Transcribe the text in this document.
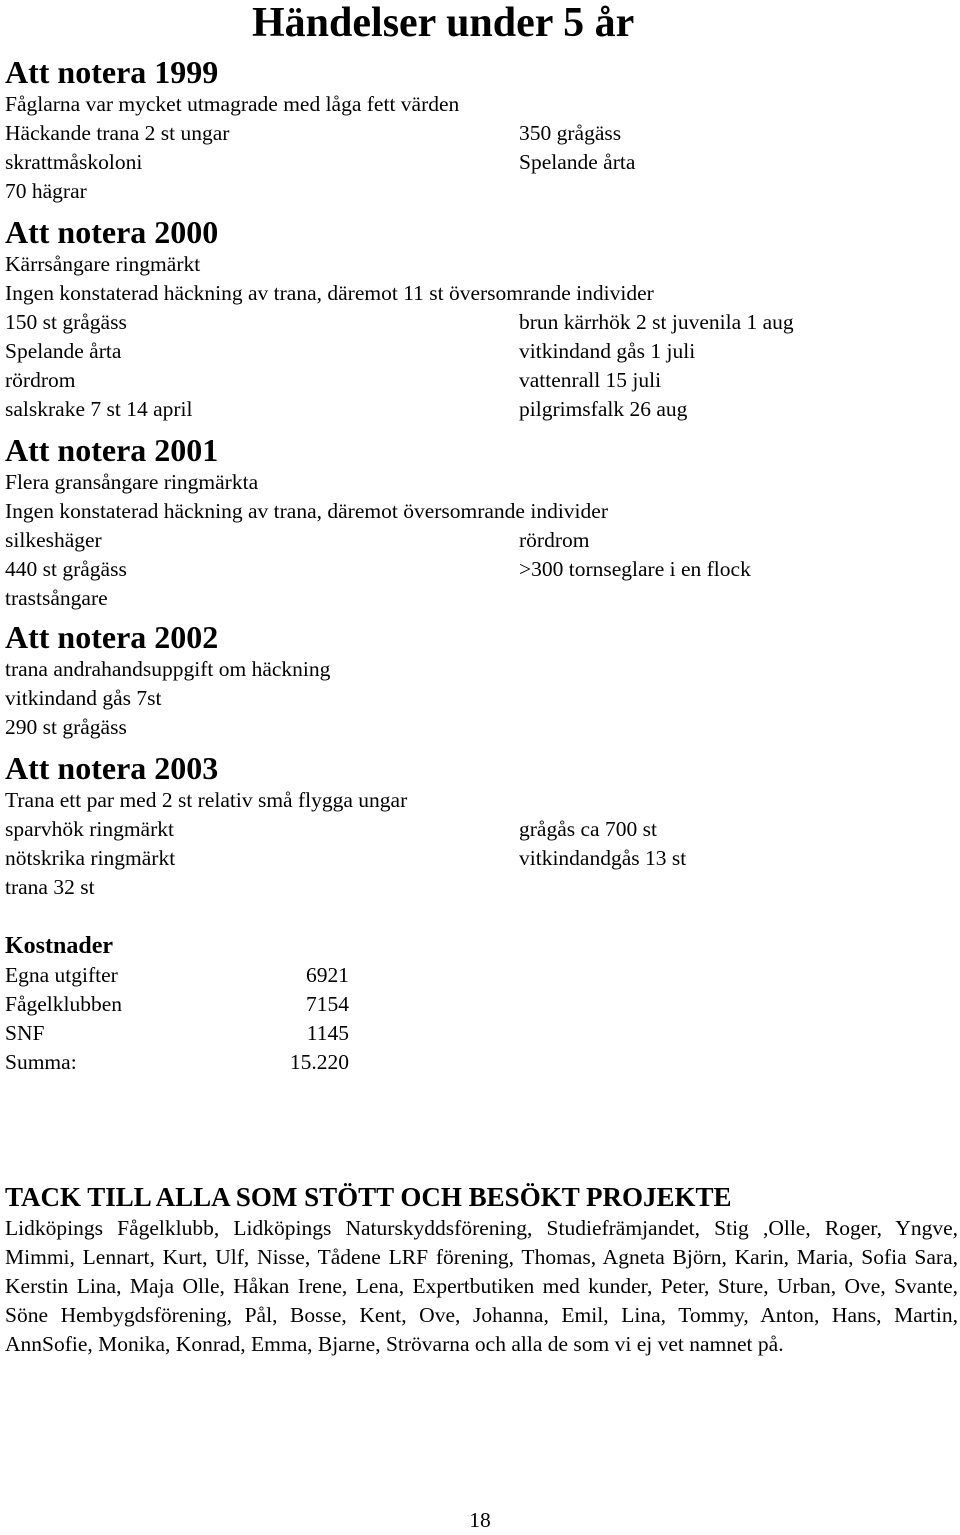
Händelser under 5 år
Att notera 1999
Fåglarna var mycket utmagrade med låga fett värden
Häckande trana 2 st ungar	350 grågäss
skrattmåskoloni	Spelande årta
70 hägrar
Att notera 2000
Kärrsångare ringmärkt
Ingen konstaterad häckning av trana, däremot 11 st översomrande individer
150 st grågäss	brun kärrhök 2 st juvenila 1 aug
Spelande årta	vitkindand gås 1 juli
rördrom	vattenrall 15 juli
salskrake 7 st 14 april	pilgrimsfalk 26 aug
Att notera 2001
Flera gransångare ringmärkta
Ingen konstaterad häckning av trana, däremot översomrande individer
silkeshäger	rördrom
440 st grågäss	>300 tornseglare i en flock
trastsångare
Att notera 2002
trana andrahandsuppgift om häckning
vitkindand gås 7st
290 st grågäss
Att notera 2003
Trana ett par med 2 st relativ små flygga ungar
sparvhök ringmärkt	grågås ca 700 st
nötskrika ringmärkt	vitkindandgås 13 st
trana 32 st
Kostnader
Egna utgifter	6921
Fågelklubben	7154
SNF	1145
Summa:	15.220
TACK TILL ALLA SOM STÖTT OCH BESÖKT PROJEKTE

Lidköpings Fågelklubb, Lidköpings Naturskyddsförening, Studiefrämjandet, Stig ,Olle, Roger, Yngve, Mimmi, Lennart, Kurt, Ulf, Nisse, Tådene LRF förening, Thomas, Agneta Björn, Karin, Maria, Sofia Sara, Kerstin Lina, Maja Olle, Håkan Irene, Lena, Expertbutiken med kunder, Peter, Sture, Urban, Ove, Svante, Söne Hembygdsförening, Pål, Bosse, Kent, Ove, Johanna, Emil, Lina, Tommy, Anton, Hans, Martin, AnnSofie, Monika, Konrad, Emma, Bjarne, Strövarna och alla de som vi ej vet namnet på.

18
